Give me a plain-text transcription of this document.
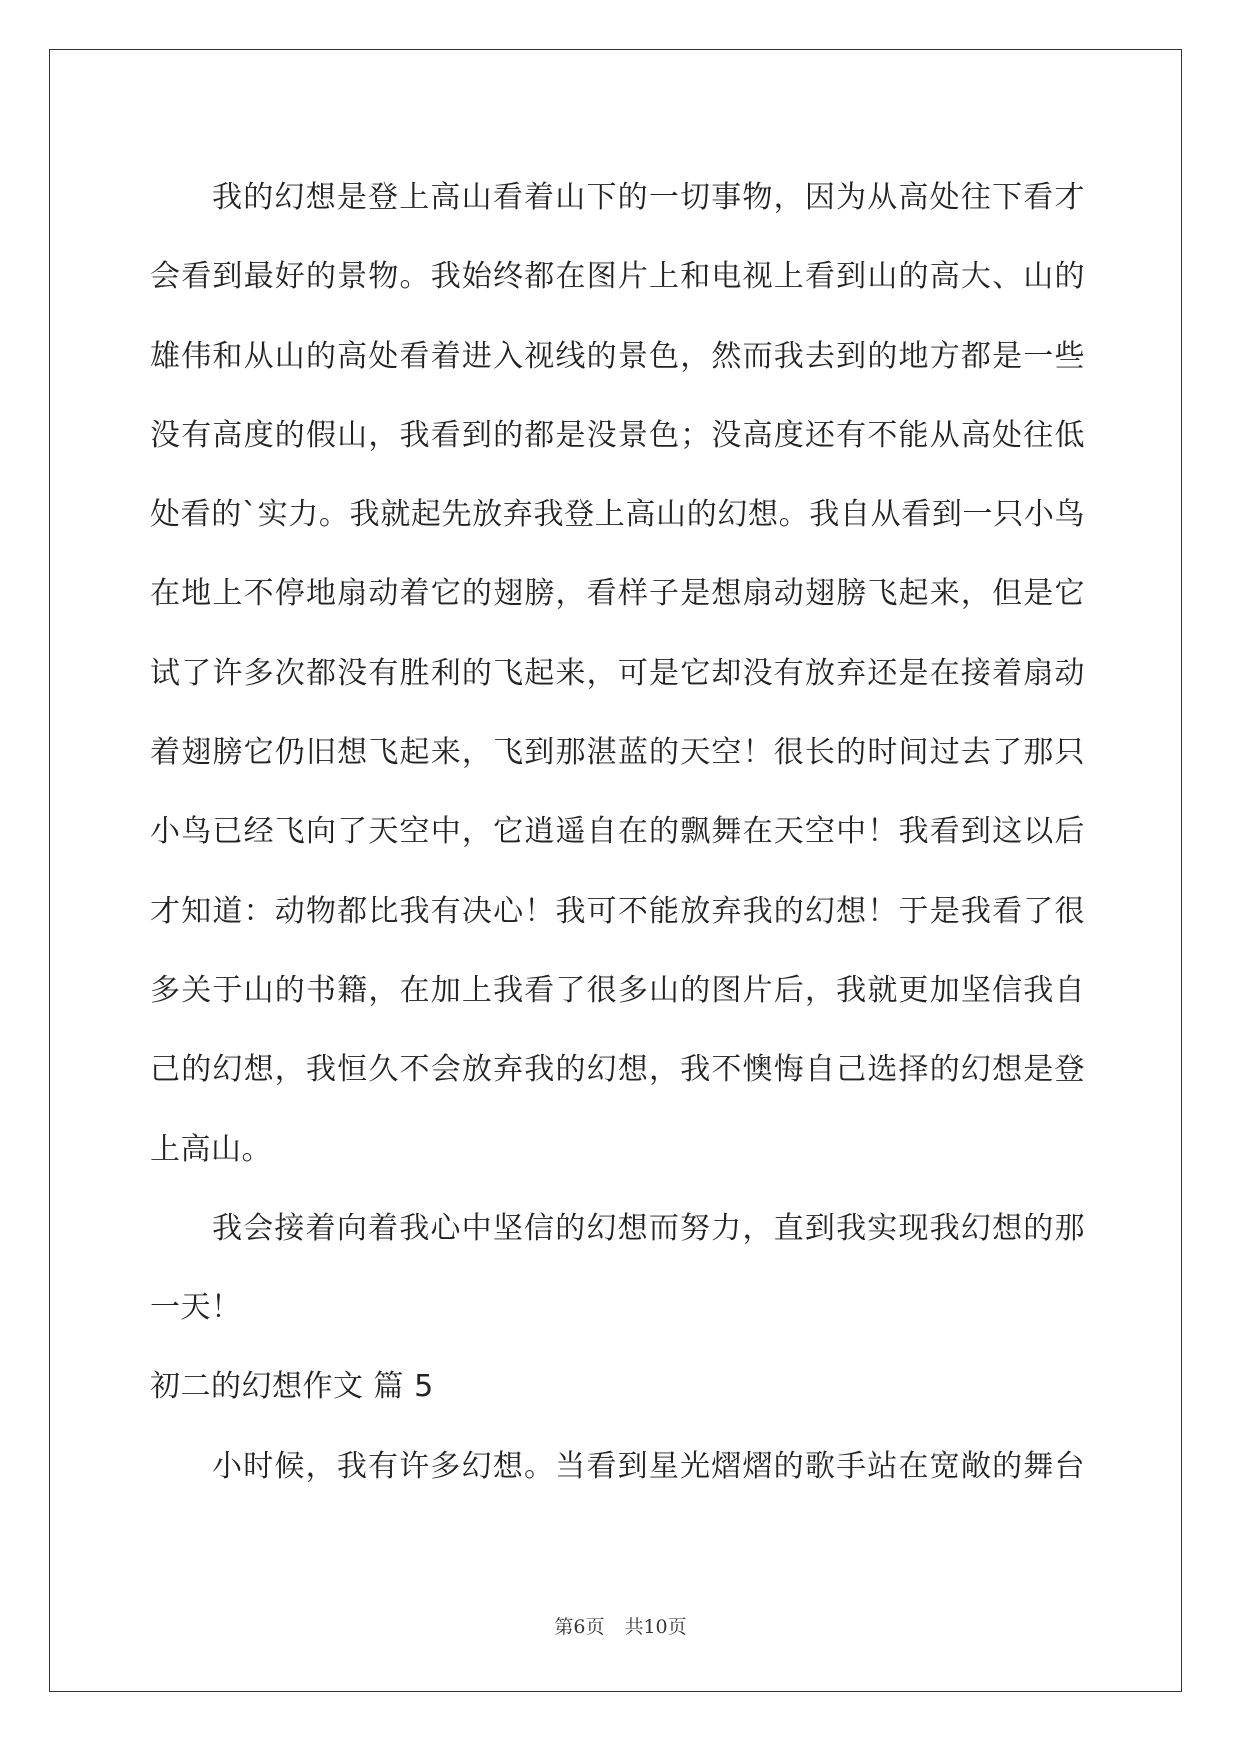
我的幻想是登上高山看着山下的一切事物，因为从高处往下看才
会看到最好的景物。我始终都在图片上和电视上看到山的高大、山的
雄伟和从山的高处看着进入视线的景色，然而我去到的地方都是一些
没有高度的假山，我看到的都是没景色；没高度还有不能从高处往低
处看的`实力。我就起先放弃我登上高山的幻想。我自从看到一只小鸟
在地上不停地扇动着它的翅膀，看样子是想扇动翅膀飞起来，但是它
试了许多次都没有胜利的飞起来，可是它却没有放弃还是在接着扇动
着翅膀它仍旧想飞起来，飞到那湛蓝的天空！很长的时间过去了那只
小鸟已经飞向了天空中，它逍遥自在的飘舞在天空中！我看到这以后
才知道：动物都比我有决心！我可不能放弃我的幻想！于是我看了很
多关于山的书籍，在加上我看了很多山的图片后，我就更加坚信我自
己的幻想，我恒久不会放弃我的幻想，我不懊悔自己选择的幻想是登
上高山。
我会接着向着我心中坚信的幻想而努力，直到我实现我幻想的那
一天！
初二的幻想作文 篇 5
小时候，我有许多幻想。当看到星光熠熠的歌手站在宽敞的舞台
第6页 共10页
